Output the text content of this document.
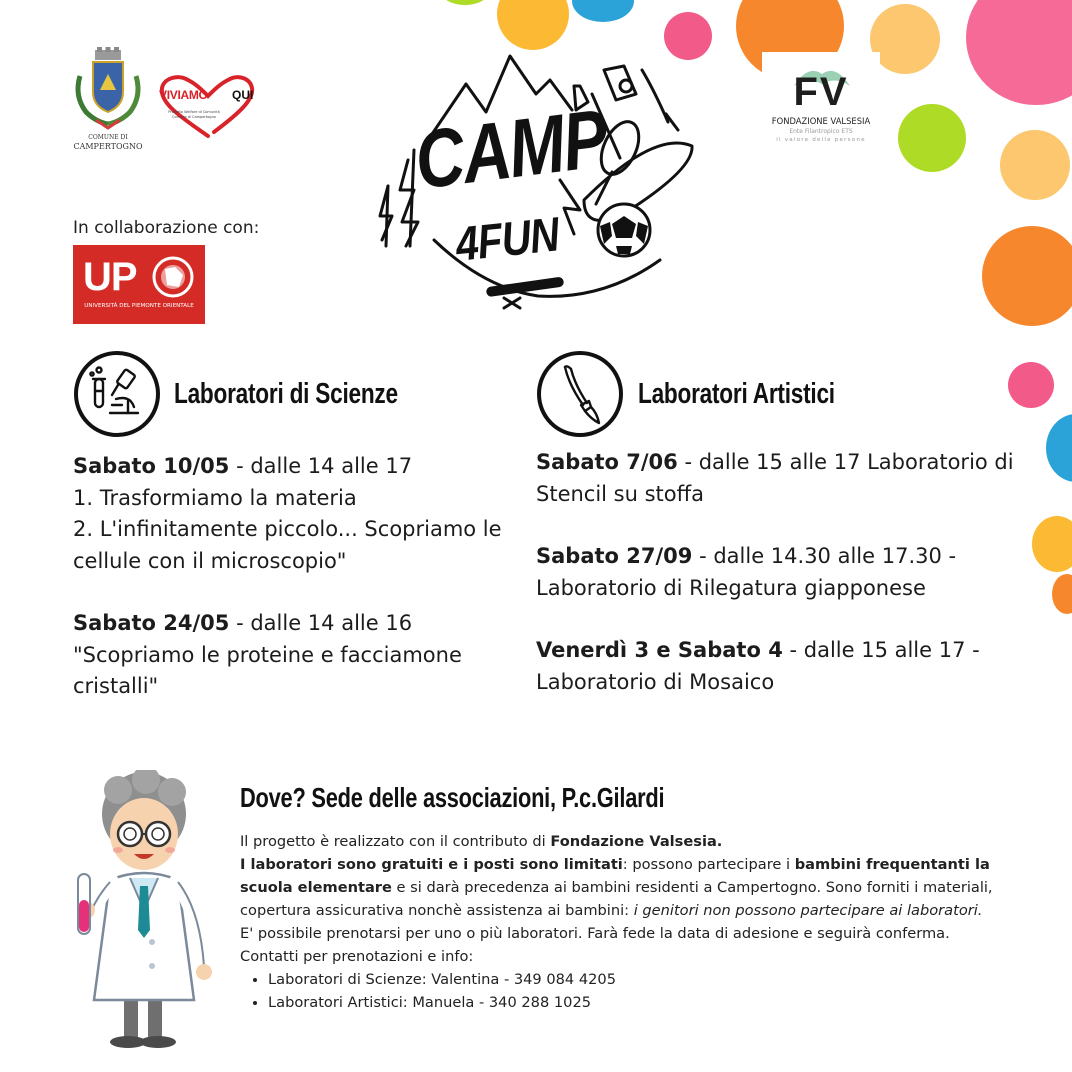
COMUNE DI
CAMPERTOGNO
VIVIAMO QUI
Progetto Welfare di Comunità Comune di Campertogno
In collaborazione con:
UP
UNIVERSITÀ DEL PIEMONTE ORIENTALE
CAMP
4FUN
FV
FONDAZIONE VALSESIA
Ente Filantropico ETS
il valore delle persone
Laboratori di Scienze

Sabato 10/05 - dalle 14 alle 17

1. Trasformiamo la materia

2. L'infinitamente piccolo... Scopriamo le

cellule con il microscopio"

Sabato 24/05 - dalle 14 alle 16

"Scopriamo le proteine e facciamone

cristalli"

Laboratori Artistici

Sabato 7/06 - dalle 15 alle 17 Laboratorio di

Stencil su stoffa

Sabato 27/09 - dalle 14.30 alle 17.30 -

Laboratorio di Rilegatura giapponese

Venerdì 3 e Sabato 4 - dalle 15 alle 17 -

Laboratorio di Mosaico

Dove? Sede delle associazioni, P.c.Gilardi

Il progetto è realizzato con il contributo di Fondazione Valsesia.

I laboratori sono gratuiti e i posti sono limitati: possono partecipare i bambini frequentanti la scuola elementare e si darà precedenza ai bambini residenti a Campertogno. Sono forniti i materiali, copertura assicurativa nonchè assistenza ai bambini: i genitori non possono partecipare ai laboratori.

E' possibile prenotarsi per uno o più laboratori. Farà fede la data di adesione e seguirà conferma.

Contatti per prenotazioni e info:

• Laboratori di Scienze: Valentina - 349 084 4205
• Laboratori Artistici: Manuela - 340 288 1025
